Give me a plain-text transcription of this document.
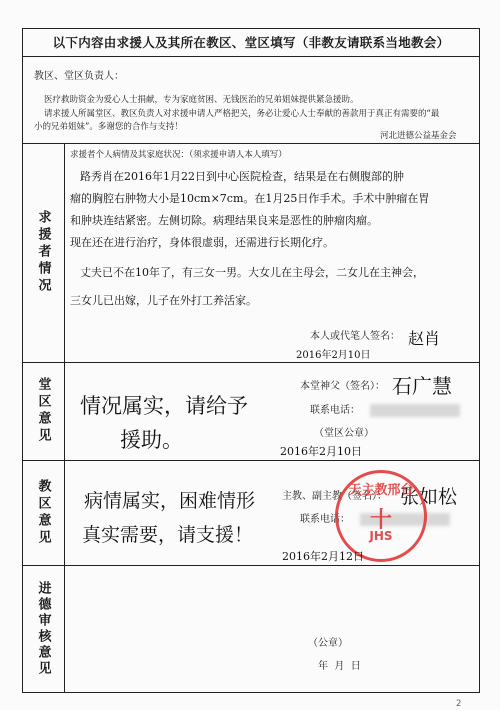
以下内容由求援人及其所在教区、堂区填写（非教友请联系当地教会）
教区、堂区负责人：
医疗救助资金为爱心人士捐献，专为家庭贫困、无钱医治的兄弟姐妹提供紧急援助。
请求援人所属堂区、教区负责人对求援申请人严格把关，务必让爱心人士奉献的善款用于真正有需要的“最
小的兄弟姐妹”。多谢您的合作与支持！
河北进德公益基金会
求援者情况
求援者个人病情及其家庭状况：（须求援申请人本人填写）
路秀肖在2016年1月22日到中心医院检查，结果是在右侧腹部的肿
瘤的胸腔右肿物大小是10cm×7cm。在1月25日作手术。手术中肿瘤在胃
和肿块连结紧密。左侧切除。病理结果良来是恶性的肿瘤肉瘤。
现在还在进行治疗，身体很虚弱，还需进行长期化疗。
丈夫已不在10年了，有三女一男。大女儿在主母会，二女儿在主神会，
三女儿已出嫁，儿子在外打工养活家。
本人或代笔人签名： 赵肖
2016年2月10日
堂区意见 情况属实，请给予
援助。
本堂神父（签名）： 石广慧
联系电话：
（堂区公章）
2016年2月10日
教区意见 病情属实，困难情形
真实需要，请支援！
主教、副主教（签名）： 张如松
联系电话：
天主教邢台
十
JHS
2016年2月12日
进德审核意见	（公章）
年  月  日
2
